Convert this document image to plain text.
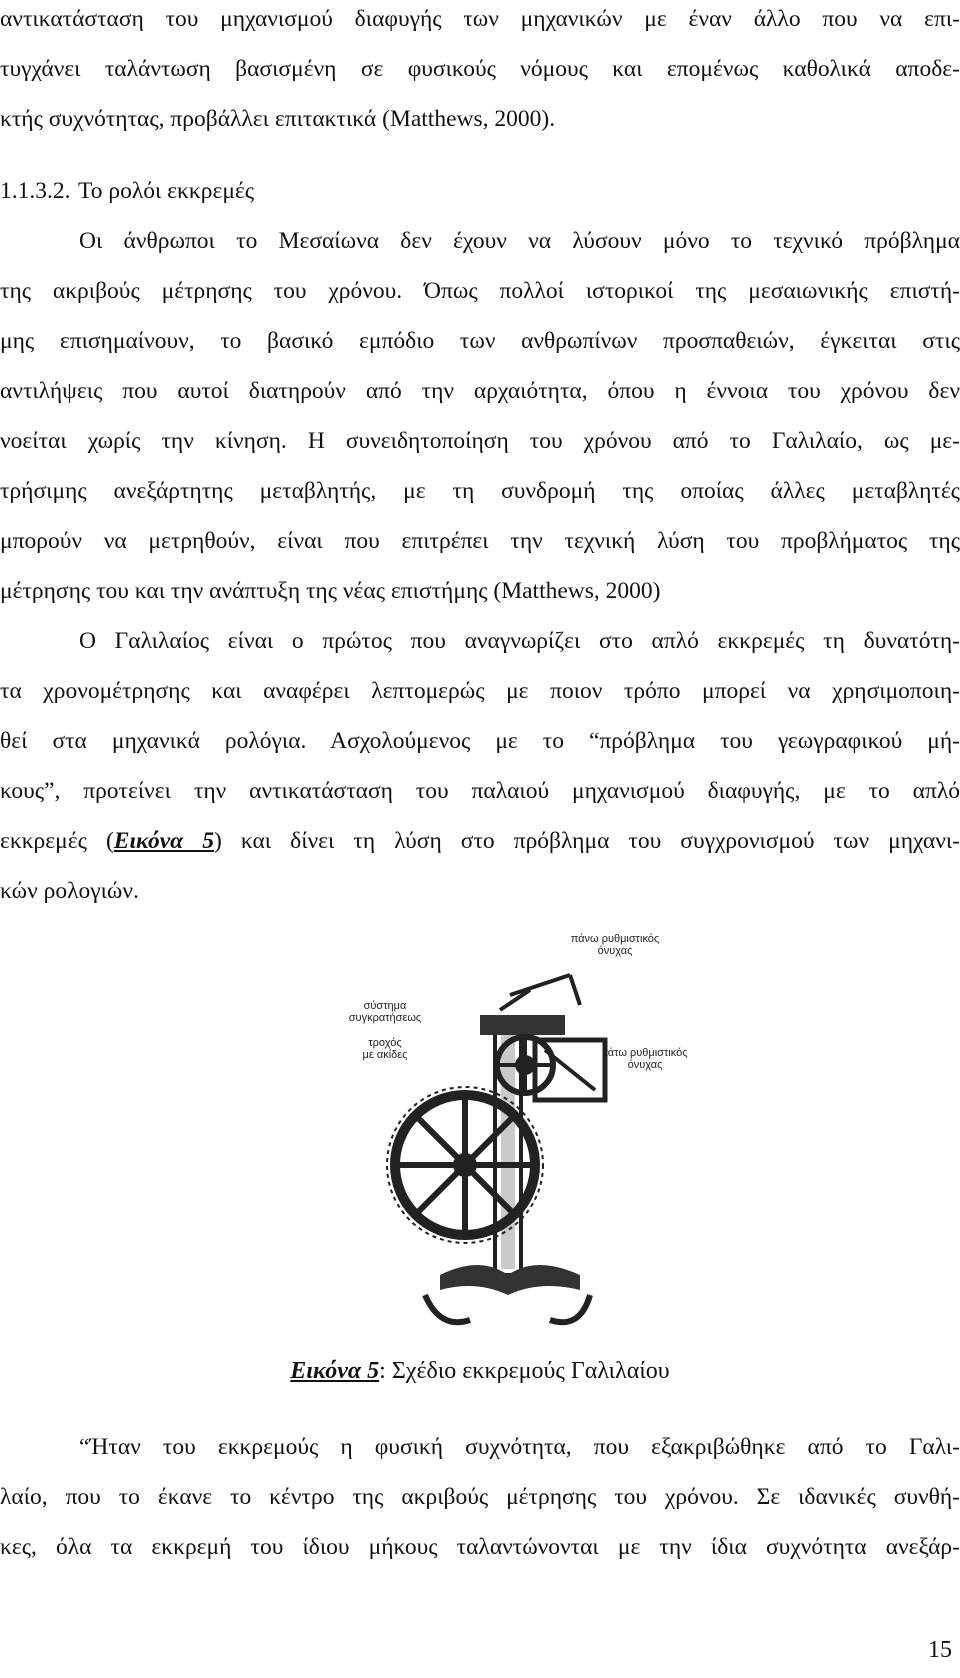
αντικατάσταση του μηχανισμού διαφυγής των μηχανικών με έναν άλλο που να επι-
τυγχάνει ταλάντωση βασισμένη σε φυσικούς νόμους και επομένως καθολικά αποδε-
κτής συχνότητας, προβάλλει επιτακτικά (Matthews, 2000).
1.1.3.2. Το ρολόι εκκρεμές
Οι άνθρωποι το Μεσαίωνα δεν έχουν να λύσουν μόνο το τεχνικό πρόβλημα
της ακριβούς μέτρησης του χρόνου. Όπως πολλοί ιστορικοί της μεσαιωνικής επιστή-
μης επισημαίνουν, το βασικό εμπόδιο των ανθρωπίνων προσπαθειών, έγκειται στις
αντιλήψεις που αυτοί διατηρούν από την αρχαιότητα, όπου η έννοια του χρόνου δεν
νοείται χωρίς την κίνηση. Η συνειδητοποίηση του χρόνου από το Γαλιλαίο, ως με-
τρήσιμης ανεξάρτητης μεταβλητής, με τη συνδρομή της οποίας άλλες μεταβλητές
μπορούν να μετρηθούν, είναι που επιτρέπει την τεχνική λύση του προβλήματος της
μέτρησης του και την ανάπτυξη της νέας επιστήμης (Matthews, 2000)
Ο Γαλιλαίος είναι ο πρώτος που αναγνωρίζει στο απλό εκκρεμές τη δυνατότη-
τα χρονομέτρησης και αναφέρει λεπτομερώς με ποιον τρόπο μπορεί να χρησιμοποιη-
θεί στα μηχανικά ρολόγια. Ασχολούμενος με το “πρόβλημα του γεωγραφικού μή-
κους”, προτείνει την αντικατάσταση του παλαιού μηχανισμού διαφυγής, με το απλό
εκκρεμές (Εικόνα 5) και δίνει τη λύση στο πρόβλημα του συγχρονισμού των μηχανι-
κών ρολογιών.
πάνω ρυθμιστικός
όνυχας
σύστημα
συγκρατήσεως
τροχός
με ακίδες	κάτω ρυθμιστικός
όνυχας
Εικόνα 5: Σχέδιο εκκρεμούς Γαλιλαίου
“Ήταν του εκκρεμούς η φυσική συχνότητα, που εξακριβώθηκε από το Γαλι-
λαίο, που το έκανε το κέντρο της ακριβούς μέτρησης του χρόνου. Σε ιδανικές συνθή-
κες, όλα τα εκκρεμή του ίδιου μήκους ταλαντώνονται με την ίδια συχνότητα ανεξάρ-
15
